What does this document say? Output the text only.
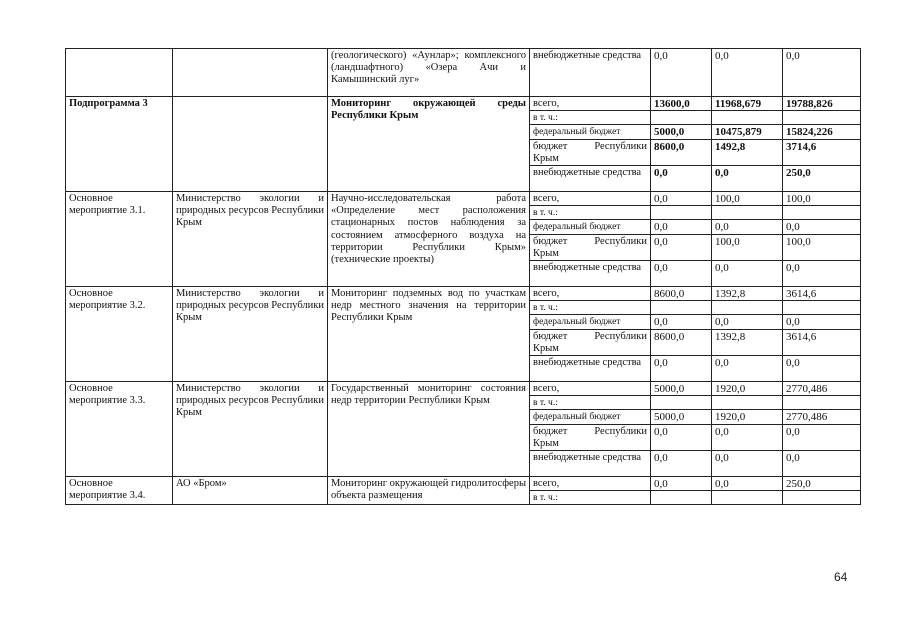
		(геологического) «Аунлар»; комплексного (ландшафтного) «Озера Ачи и Камышинский луг»	внебюджетные средства	0,0	0,0	0,0
Подпрограмма 3		Мониторинг окружающей среды Республики Крым	всего,	13600,0	11968,679	19788,826
			в т. ч.:			
			федеральный бюджет	5000,0	10475,879	15824,226
			бюджет Республики Крым	8600,0	1492,8	3714,6
			внебюджетные средства	0,0	0,0	250,0
Основное мероприятие 3.1.	Министерство экологии и природных ресурсов Республики Крым	Научно-исследовательская работа «Определение мест расположения стационарных постов наблюдения за состоянием атмосферного воздуха на территории Республики Крым» (технические проекты)	всего,	0,0	100,0	100,0
			в т. ч.:			
			федеральный бюджет	0,0	0,0	0,0
			бюджет Республики Крым	0,0	100,0	100,0
			внебюджетные средства	0,0	0,0	0,0
Основное мероприятие 3.2.	Министерство экологии и природных ресурсов Республики Крым	Мониторинг подземных вод по участкам недр местного значения на территории Республики Крым	всего,	8600,0	1392,8	3614,6
			в т. ч.:			
			федеральный бюджет	0,0	0,0	0,0
			бюджет Республики Крым	8600,0	1392,8	3614,6
			внебюджетные средства	0,0	0,0	0,0
Основное мероприятие 3.3.	Министерство экологии и природных ресурсов Республики Крым	Государственный мониторинг состояния недр территории Республики Крым	всего,	5000,0	1920,0	2770,486
			в т. ч.:			
			федеральный бюджет	5000,0	1920,0	2770,486
			бюджет Республики Крым	0,0	0,0	0,0
			внебюджетные средства	0,0	0,0	0,0
Основное мероприятие 3.4.	АО «Бром»	Мониторинг окружающей гидролитосферы объекта размещения	всего,	0,0	0,0	250,0
			в т. ч.:			
64
